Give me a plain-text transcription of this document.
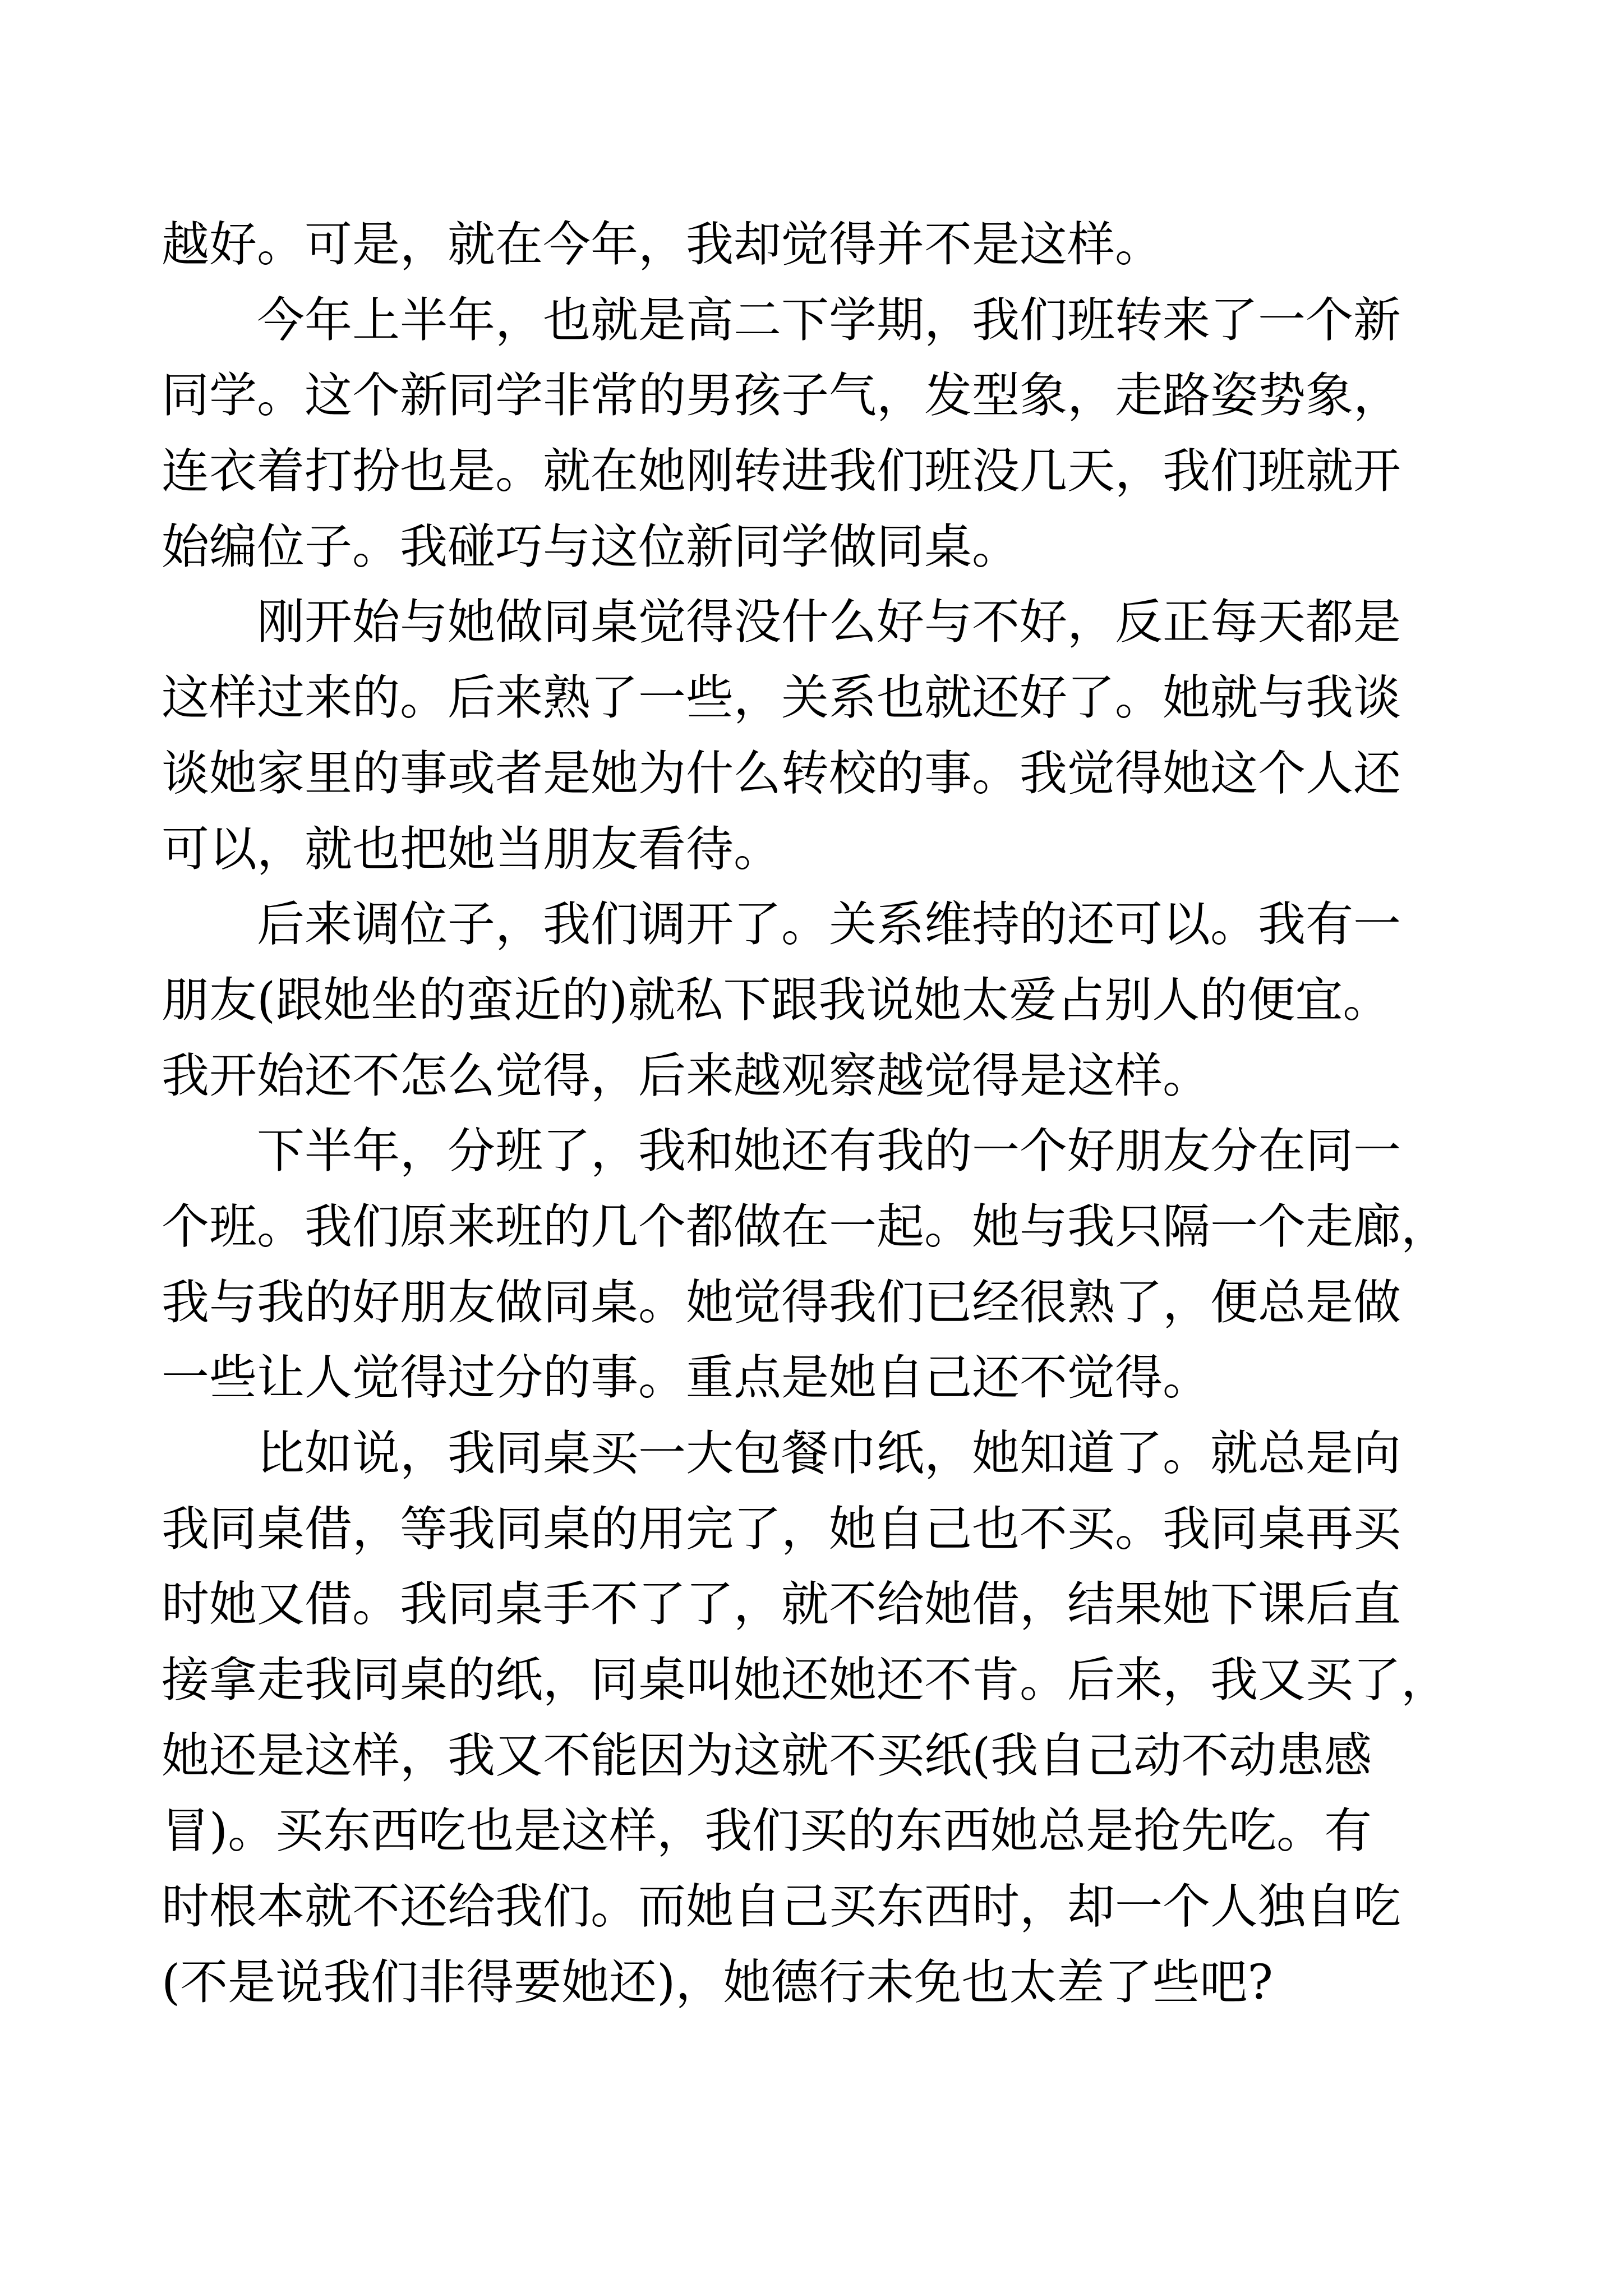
越好。可是，就在今年，我却觉得并不是这样。
今年上半年，也就是高二下学期，我们班转来了一个新
同学。这个新同学非常的男孩子气，发型象，走路姿势象，
连衣着打扮也是。就在她刚转进我们班没几天，我们班就开
始编位子。我碰巧与这位新同学做同桌。
刚开始与她做同桌觉得没什么好与不好，反正每天都是
这样过来的。后来熟了一些，关系也就还好了。她就与我谈
谈她家里的事或者是她为什么转校的事。我觉得她这个人还
可以，就也把她当朋友看待。
后来调位子，我们调开了。关系维持的还可以。我有一
朋友(跟她坐的蛮近的)就私下跟我说她太爱占别人的便宜。
我开始还不怎么觉得，后来越观察越觉得是这样。
下半年，分班了，我和她还有我的一个好朋友分在同一
个班。我们原来班的几个都做在一起。她与我只隔一个走廊，
我与我的好朋友做同桌。她觉得我们已经很熟了，便总是做
一些让人觉得过分的事。重点是她自己还不觉得。
比如说，我同桌买一大包餐巾纸，她知道了。就总是向
我同桌借，等我同桌的用完了，她自己也不买。我同桌再买
时她又借。我同桌手不了了，就不给她借，结果她下课后直
接拿走我同桌的纸，同桌叫她还她还不肯。后来，我又买了，
她还是这样，我又不能因为这就不买纸(我自己动不动患感
冒)。买东西吃也是这样，我们买的东西她总是抢先吃。有
时根本就不还给我们。而她自己买东西时，却一个人独自吃
(不是说我们非得要她还)，她德行未免也太差了些吧?
